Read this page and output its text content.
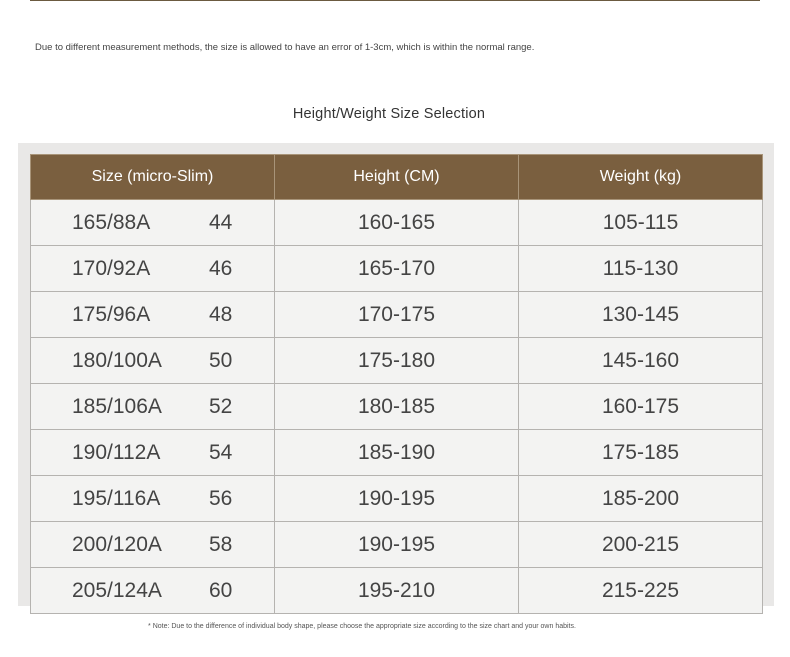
Due to different measurement methods, the size is allowed to have an error of 1-3cm, which is within the normal range.
Height/Weight Size Selection
Size (micro-Slim)	Height (CM)	Weight (kg)
165/88A 44	160-165	105-115
170/92A 46	165-170	115-130
175/96A 48	170-175	130-145
180/100A 50	175-180	145-160
185/106A 52	180-185	160-175
190/112A 54	185-190	175-185
195/116A 56	190-195	185-200
200/120A 58	190-195	200-215
205/124A 60	195-210	215-225
* Note: Due to the difference of individual body shape, please choose the appropriate size according to the size chart and your own habits.
